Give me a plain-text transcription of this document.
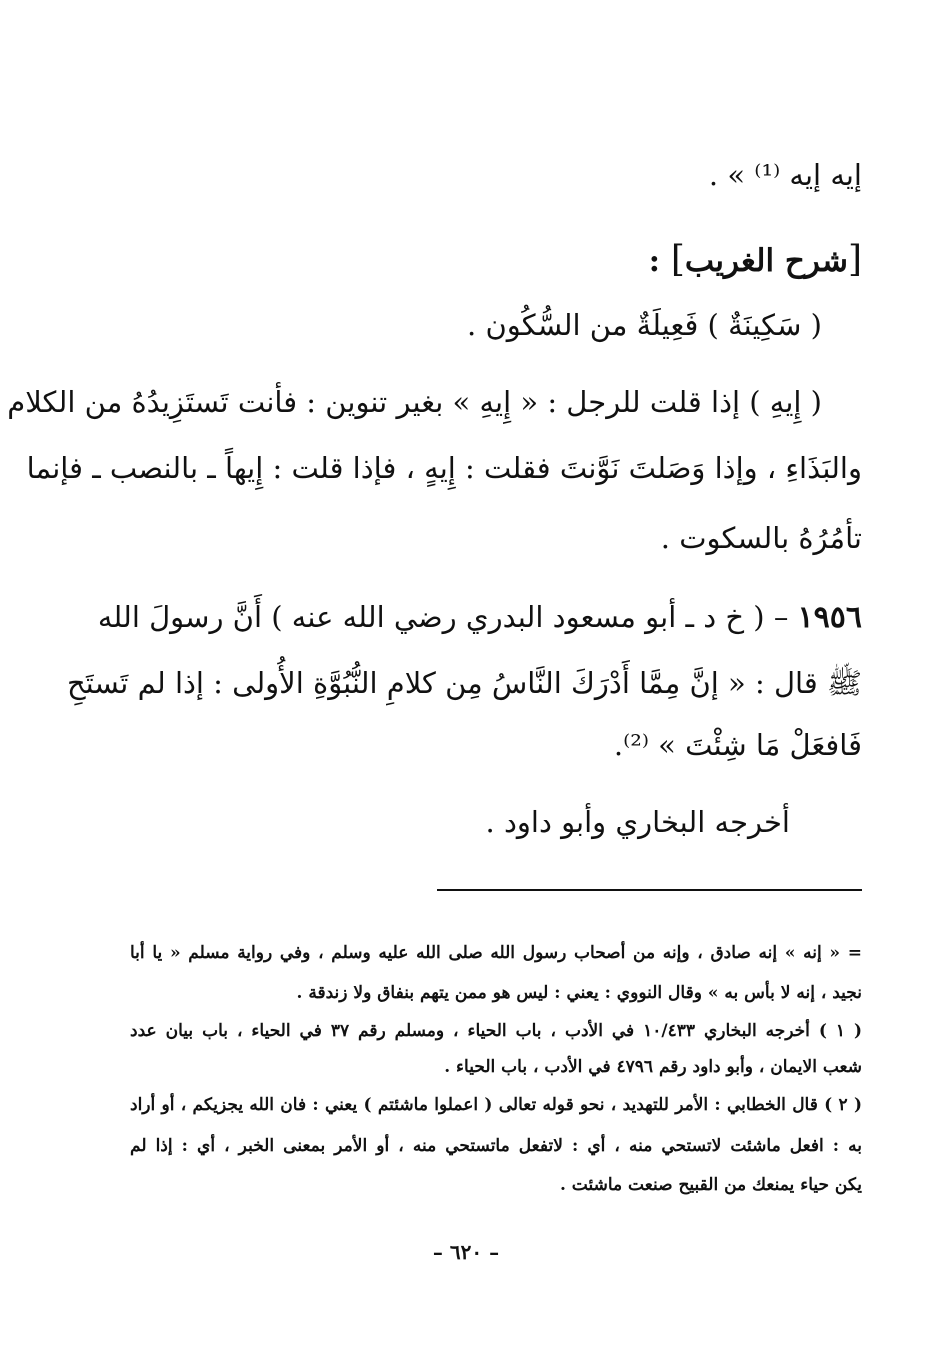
إيه إيه ⁽¹⁾ » .
[شرح الغريب] :
( سَكِينَةٌ ) فَعِيلَةٌ من السُّكُون .
( إِيهِ ) إذا قلت للرجل : « إِيهِ » بغير تنوين : فأنت تَستَزِيدُهُ من الكلام
والبَذَاءِ ، وإذا وَصَلتَ نَوَّنتَ فقلت : إِيهٍ ، فإذا قلت : إِيهاً ـ بالنصب ـ فإنما
تأمُرُهُ بالسكوت .
١٩٥٦ – ( خ د ـ أبو مسعود البدري رضي الله عنه ) أَنَّ رسولَ الله
ﷺ قال : « إنَّ مِمَّا أَدْرَكَ النَّاسُ مِن كلامِ النُّبُوَّةِ الأُولى : إذا لم تَستَحِ
فَافعَلْ مَا شِئْتَ » ⁽²⁾.
أخرجه البخاري وأبو داود .
= « إنه » إنه صادق ، وإنه من أصحاب رسول الله صلى الله عليه وسلم ، وفي رواية مسلم « يا أبا
نجيد ، إنه لا بأس به » وقال النووي : يعني : ليس هو ممن يتهم بنفاق ولا زندقة .
( ١ ) أخرجه البخاري ١٠/٤٣٣ في الأدب ، باب الحياء ، ومسلم رقم ٣٧ في الحياء ، باب بيان عدد
شعب الايمان ، وأبو داود رقم ٤٧٩٦ في الأدب ، باب الحياء .
( ٢ ) قال الخطابي : الأمر للتهديد ، نحو قوله تعالى ( اعملوا ماشئتم ) يعني : فان الله يجزيكم ، أو أراد
به : افعل ماشئت لاتستحي منه ، أي : لاتفعل ماتستحي منه ، أو الأمر بمعنى الخبر ، أي : إذا لم
يكن حياء يمنعك من القبيح صنعت ماشئت .
– ٦٢٠ –
